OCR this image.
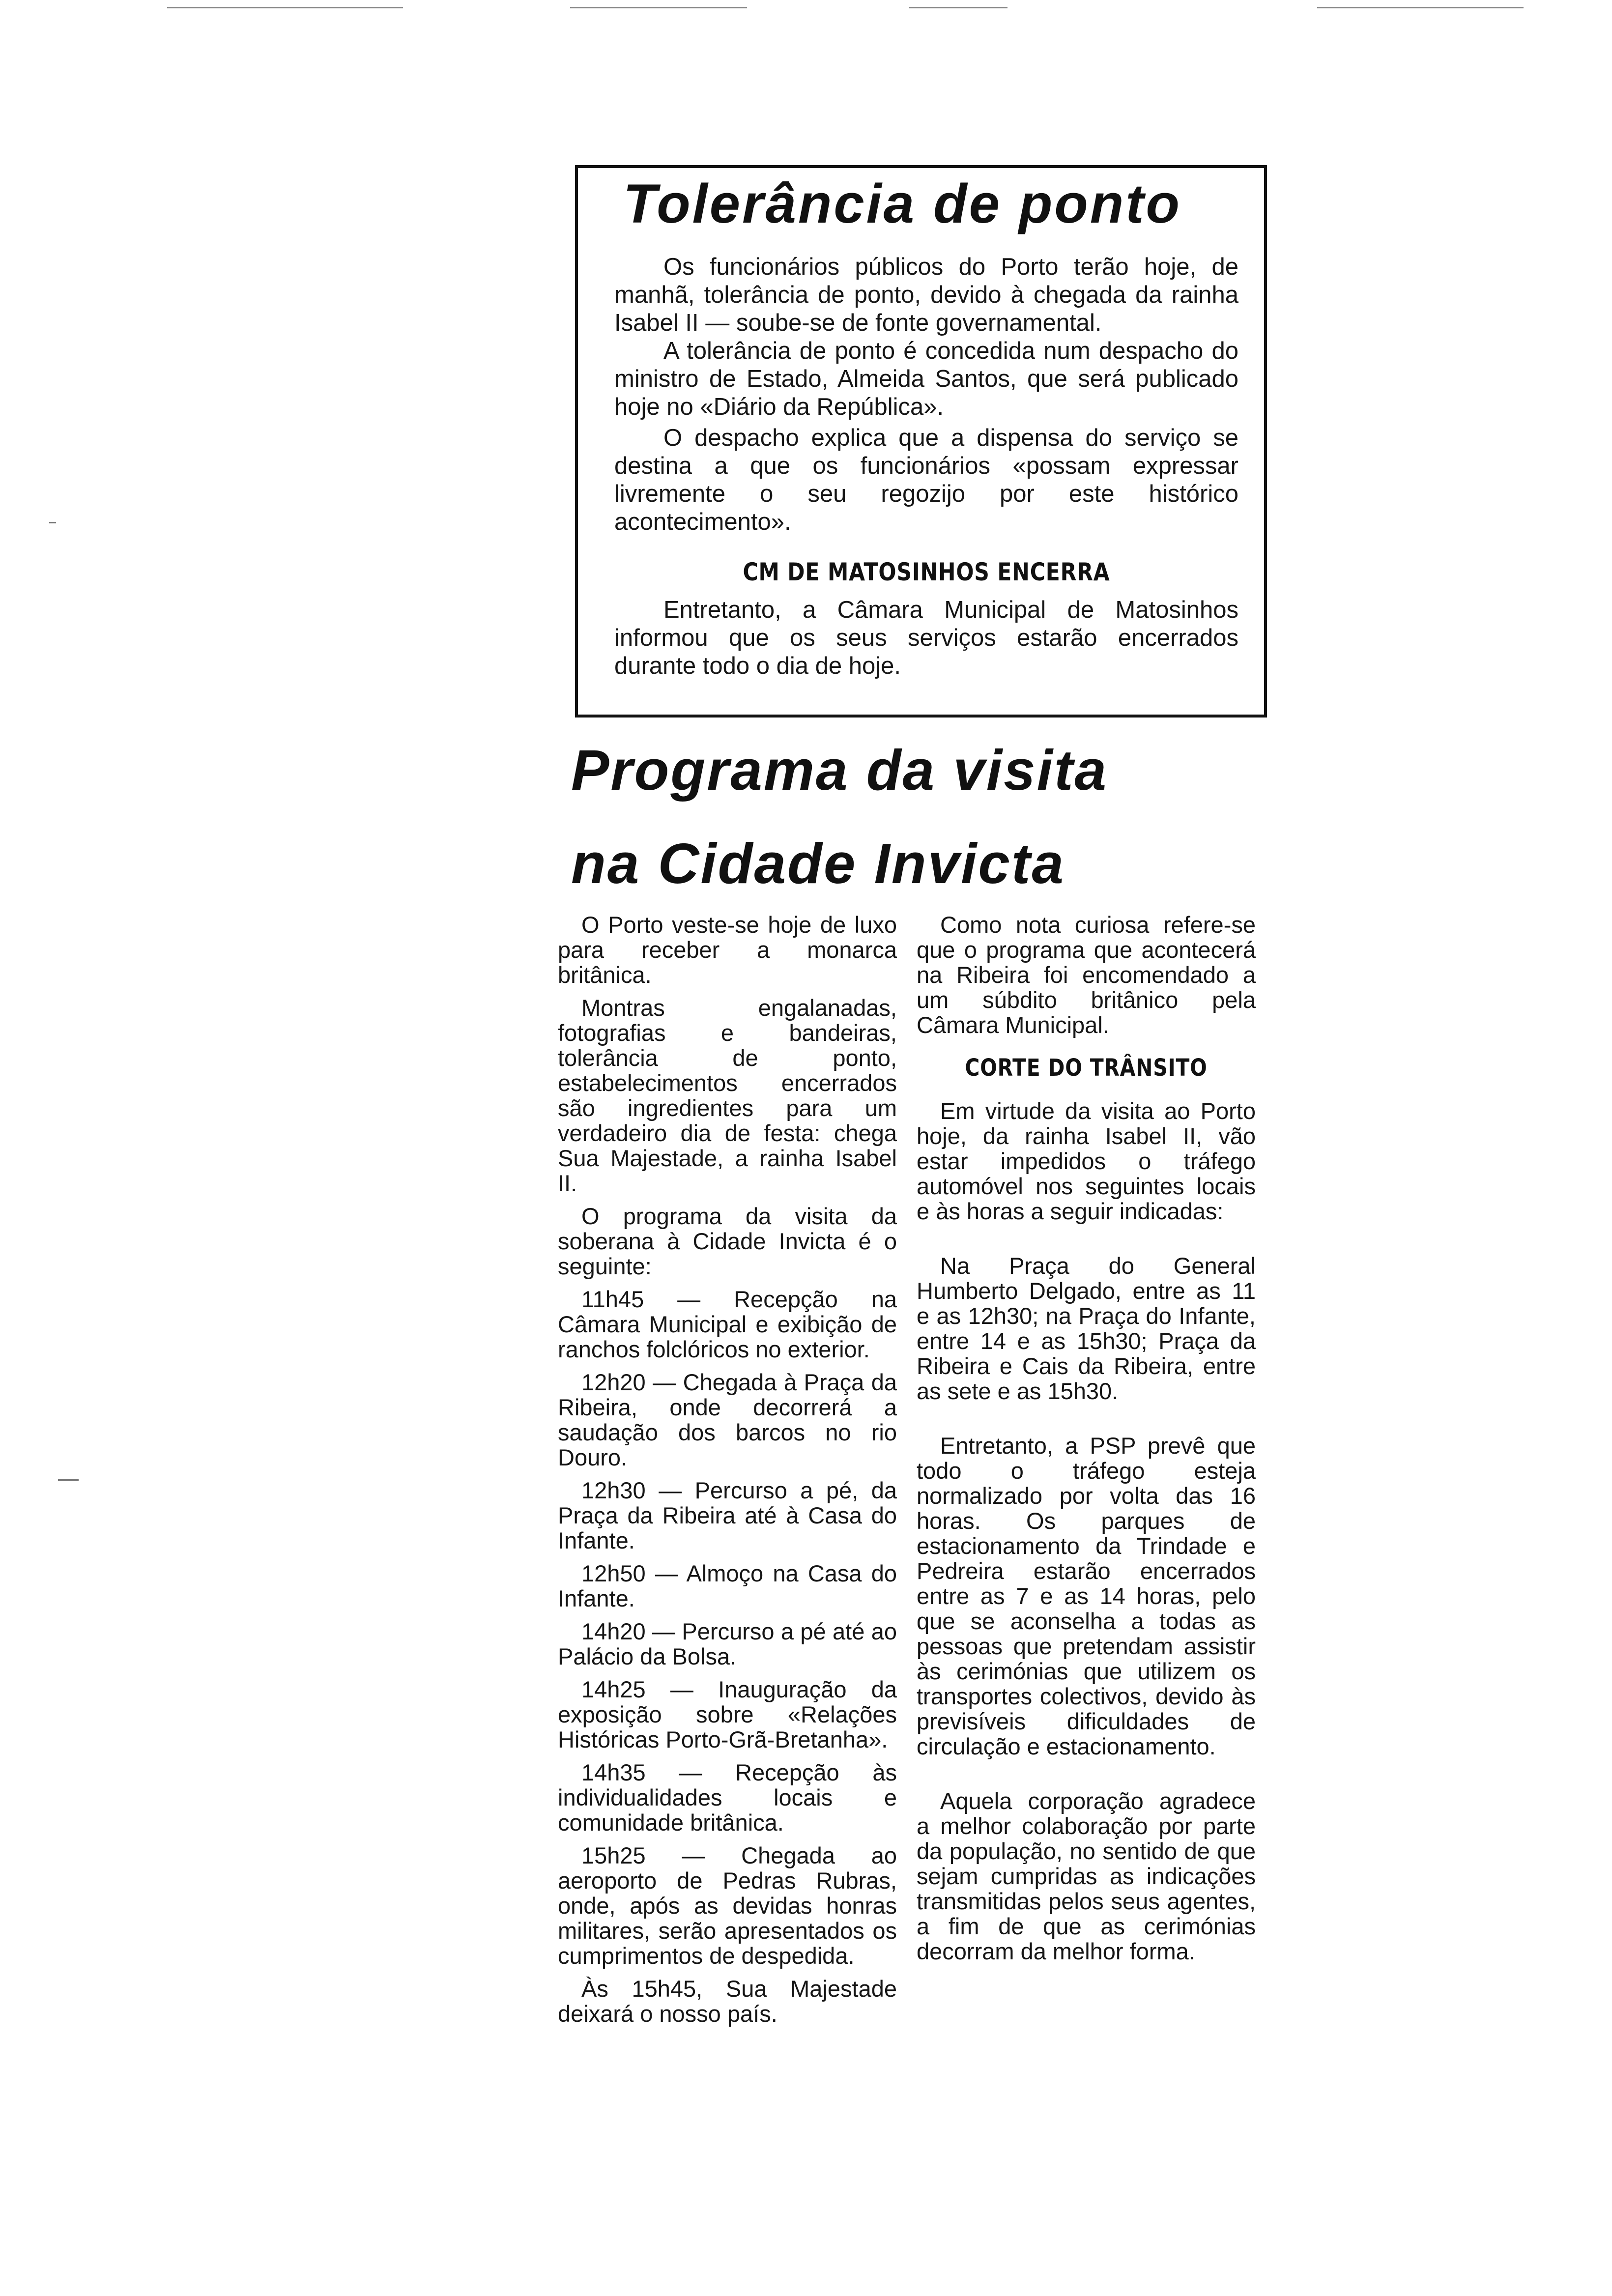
Tolerância de ponto

Os funcionários públicos do Porto terão hoje, de manhã, tolerância de ponto, devido à chegada da rainha Isabel II — soube-se de fonte governamental.

A tolerância de ponto é concedida num despacho do ministro de Estado, Almeida Santos, que será publicado hoje no «Diário da República».

O despacho explica que a dispensa do serviço se destina a que os funcionários «possam expressar livremente o seu regozijo por este histórico acontecimento».

CM DE MATOSINHOS ENCERRA

Entretanto, a Câmara Municipal de Matosinhos informou que os seus serviços estarão encerrados durante todo o dia de hoje.

Programa da visita
na Cidade Invicta

O Porto veste-se hoje de luxo para receber a monarca britânica.

Montras engalanadas, fotografias e bandeiras, tolerância de ponto, estabelecimentos encerrados são ingredientes para um verdadeiro dia de festa: chega Sua Majestade, a rainha Isabel II.

O programa da visita da soberana à Cidade Invicta é o seguinte:

11h45 — Recepção na Câmara Municipal e exibição de ranchos folclóricos no exterior.

12h20 — Chegada à Praça da Ribeira, onde decorrerá a saudação dos barcos no rio Douro.

12h30 — Percurso a pé, da Praça da Ribeira até à Casa do Infante.

12h50 — Almoço na Casa do Infante.

14h20 — Percurso a pé até ao Palácio da Bolsa.

14h25 — Inauguração da exposição sobre «Relações Históricas Porto-Grã-Bretanha».

14h35 — Recepção às individualidades locais e comunidade britânica.

15h25 — Chegada ao aeroporto de Pedras Rubras, onde, após as devidas honras militares, serão apresentados os cumprimentos de despedida.

Às 15h45, Sua Majestade deixará o nosso país.

Como nota curiosa refere-se que o programa que acontecerá na Ribeira foi encomendado a um súbdito britânico pela Câmara Municipal.

CORTE DO TRÂNSITO

Em virtude da visita ao Porto hoje, da rainha Isabel II, vão estar impedidos o tráfego automóvel nos seguintes locais e às horas a seguir indicadas:

Na Praça do General Humberto Delgado, entre as 11 e as 12h30; na Praça do Infante, entre 14 e as 15h30; Praça da Ribeira e Cais da Ribeira, entre as sete e as 15h30.

Entretanto, a PSP prevê que todo o tráfego esteja normalizado por volta das 16 horas. Os parques de estacionamento da Trindade e Pedreira estarão encerrados entre as 7 e as 14 horas, pelo que se aconselha a todas as pessoas que pretendam assistir às cerimónias que utilizem os transportes colectivos, devido às previsíveis dificuldades de circulação e estacionamento.

Aquela corporação agradece a melhor colaboração por parte da população, no sentido de que sejam cumpridas as indicações transmitidas pelos seus agentes, a fim de que as cerimónias decorram da melhor forma.
